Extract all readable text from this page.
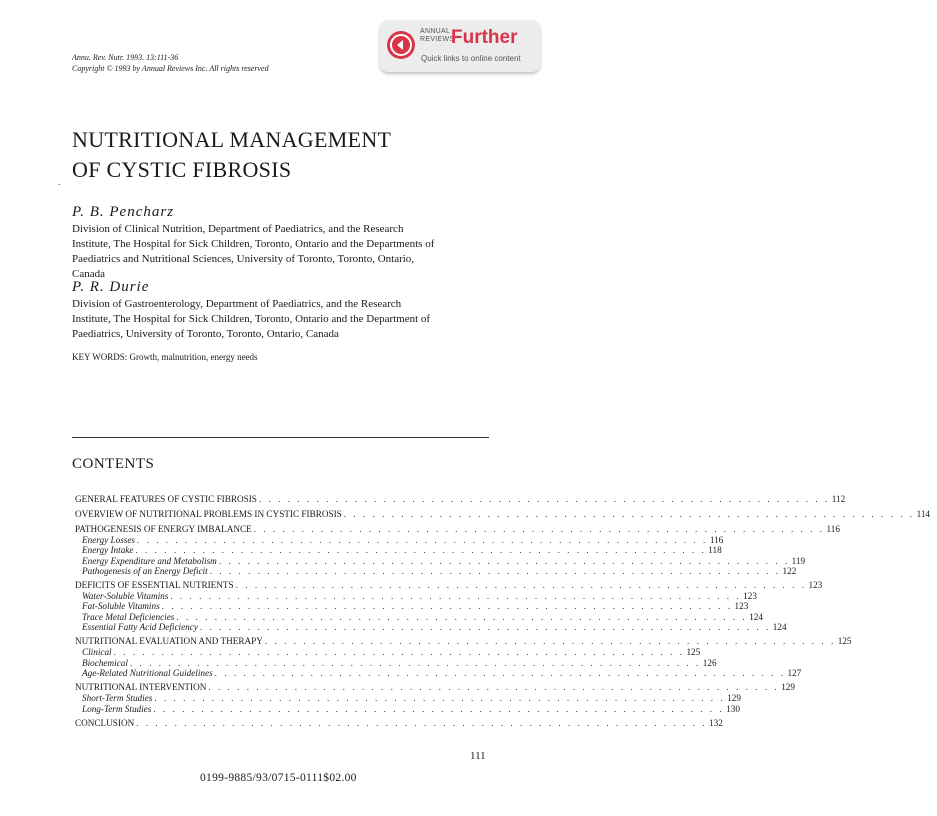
Annu. Rev. Nutr. 1993. 13:111-36
Copyright © 1993 by Annual Reviews Inc. All rights reserved
ANNUAL
REVIEWS
Further
Quick links to online content
NUTRITIONAL MANAGEMENT
OF CYSTIC FIBROSIS
.
P. B. Pencharz
Division of Clinical Nutrition, Department of Paediatrics, and the Research
Institute, The Hospital for Sick Children, Toronto, Ontario and the Departments of
Paediatrics and Nutritional Sciences, University of Toronto, Toronto, Ontario,
Canada
P. R. Durie
Division of Gastroenterology, Department of Paediatrics, and the Research
Institute, The Hospital for Sick Children, Toronto, Ontario and the Department of
Paediatrics, University of Toronto, Toronto, Ontario, Canada
KEY WORDS: Growth, malnutrition, energy needs
CONTENTS
GENERAL FEATURES OF CYSTIC FIBROSIS . . . . . . . . . . . . . . . . . . . . . . . . . . . . . . . . . . . . . . . . . . . . . . . . . . . . . . . . . . . . 112
OVERVIEW OF NUTRITIONAL PROBLEMS IN CYSTIC FIBROSIS . . . . . . . . . . . . . . . . . . . . . . . . . . . . . . . . . . . . . . . . . . . . . . . . . . . . . . . . . . . . 114
PATHOGENESIS OF ENERGY IMBALANCE . . . . . . . . . . . . . . . . . . . . . . . . . . . . . . . . . . . . . . . . . . . . . . . . . . . . . . . . . . . . 116
Energy Losses . . . . . . . . . . . . . . . . . . . . . . . . . . . . . . . . . . . . . . . . . . . . . . . . . . . . . . . . . . . . 116
Energy Intake . . . . . . . . . . . . . . . . . . . . . . . . . . . . . . . . . . . . . . . . . . . . . . . . . . . . . . . . . . . . 118
Energy Expenditure and Metabolism . . . . . . . . . . . . . . . . . . . . . . . . . . . . . . . . . . . . . . . . . . . . . . . . . . . . . . . . . . . . 119
Pathogenesis of an Energy Deficit . . . . . . . . . . . . . . . . . . . . . . . . . . . . . . . . . . . . . . . . . . . . . . . . . . . . . . . . . . . . 122
DEFICITS OF ESSENTIAL NUTRIENTS . . . . . . . . . . . . . . . . . . . . . . . . . . . . . . . . . . . . . . . . . . . . . . . . . . . . . . . . . . . . 123
Water-Soluble Vitamins . . . . . . . . . . . . . . . . . . . . . . . . . . . . . . . . . . . . . . . . . . . . . . . . . . . . . . . . . . . . 123
Fat-Soluble Vitamins . . . . . . . . . . . . . . . . . . . . . . . . . . . . . . . . . . . . . . . . . . . . . . . . . . . . . . . . . . . . 123
Trace Metal Deficiencies . . . . . . . . . . . . . . . . . . . . . . . . . . . . . . . . . . . . . . . . . . . . . . . . . . . . . . . . . . . . 124
Essential Fatty Acid Deficiency . . . . . . . . . . . . . . . . . . . . . . . . . . . . . . . . . . . . . . . . . . . . . . . . . . . . . . . . . . . . 124
NUTRITIONAL EVALUATION AND THERAPY . . . . . . . . . . . . . . . . . . . . . . . . . . . . . . . . . . . . . . . . . . . . . . . . . . . . . . . . . . . . 125
Clinical . . . . . . . . . . . . . . . . . . . . . . . . . . . . . . . . . . . . . . . . . . . . . . . . . . . . . . . . . . . . 125
Biochemical . . . . . . . . . . . . . . . . . . . . . . . . . . . . . . . . . . . . . . . . . . . . . . . . . . . . . . . . . . . . 126
Age-Related Nutritional Guidelines . . . . . . . . . . . . . . . . . . . . . . . . . . . . . . . . . . . . . . . . . . . . . . . . . . . . . . . . . . . . 127
NUTRITIONAL INTERVENTION . . . . . . . . . . . . . . . . . . . . . . . . . . . . . . . . . . . . . . . . . . . . . . . . . . . . . . . . . . . . 129
Short-Term Studies . . . . . . . . . . . . . . . . . . . . . . . . . . . . . . . . . . . . . . . . . . . . . . . . . . . . . . . . . . . . 129
Long-Term Studies . . . . . . . . . . . . . . . . . . . . . . . . . . . . . . . . . . . . . . . . . . . . . . . . . . . . . . . . . . . . 130
CONCLUSION . . . . . . . . . . . . . . . . . . . . . . . . . . . . . . . . . . . . . . . . . . . . . . . . . . . . . . . . . . . . 132
111
0199-9885/93/0715-0111$02.00
